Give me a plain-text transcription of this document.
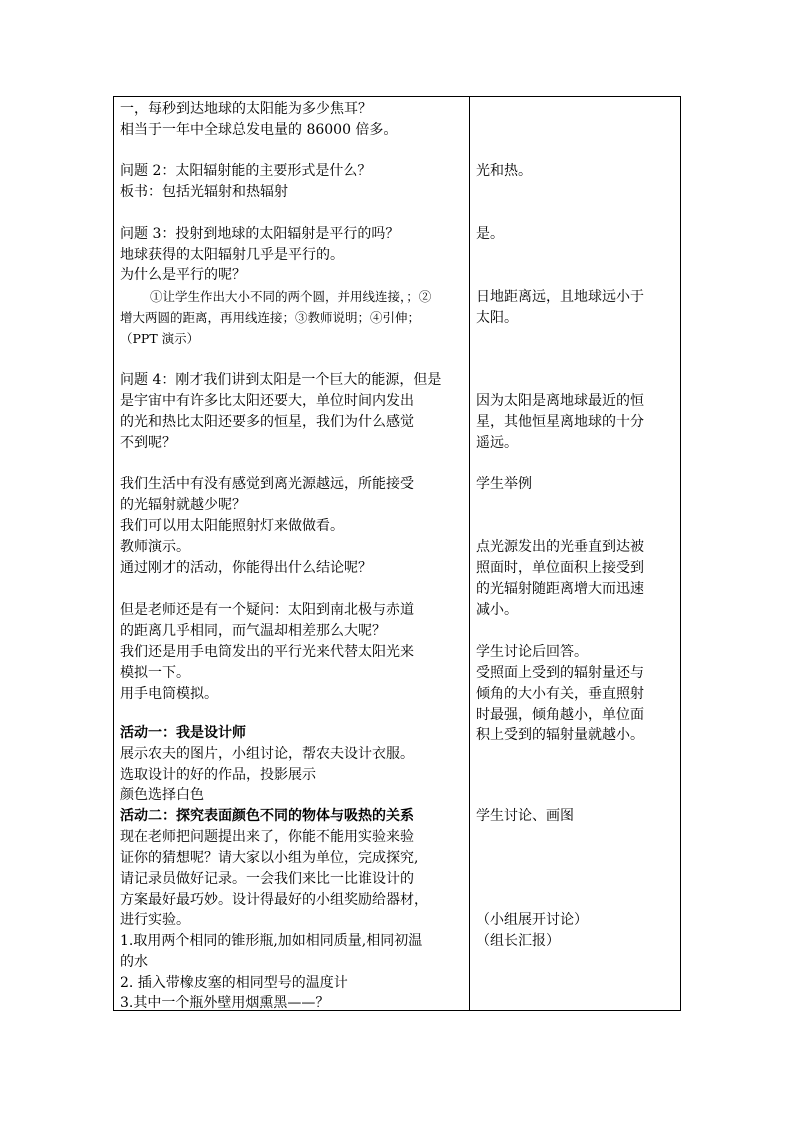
一，每秒到达地球的太阳能为多少焦耳？
相当于一年中全球总发电量的 86000 倍多。
问题 2：太阳辐射能的主要形式是什么？
板书：包括光辐射和热辐射
问题 3：投射到地球的太阳辐射是平行的吗？
地球获得的太阳辐射几乎是平行的。
为什么是平行的呢？
①让学生作出大小不同的两个圆，并用线连接，；②
增大两圆的距离，再用线连接；③教师说明；④引伸；
（PPT 演示）
问题 4：刚才我们讲到太阳是一个巨大的能源，但是
是宇宙中有许多比太阳还要大，单位时间内发出
的光和热比太阳还要多的恒星，我们为什么感觉
不到呢？
我们生活中有没有感觉到离光源越远，所能接受
的光辐射就越少呢？
我们可以用太阳能照射灯来做做看。
教师演示。
通过刚才的活动，你能得出什么结论呢？
但是老师还是有一个疑问：太阳到南北极与赤道
的距离几乎相同，而气温却相差那么大呢？
我们还是用手电筒发出的平行光来代替太阳光来
模拟一下。
用手电筒模拟。
活动一：我是设计师
展示农夫的图片，小组讨论，帮农夫设计衣服。
选取设计的好的作品，投影展示
颜色选择白色
活动二：探究表面颜色不同的物体与吸热的关系
现在老师把问题提出来了，你能不能用实验来验
证你的猜想呢？请大家以小组为单位，完成探究,
请记录员做好记录。一会我们来比一比谁设计的
方案最好最巧妙。设计得最好的小组奖励给器材，
进行实验。
1.取用两个相同的锥形瓶,加如相同质量,相同初温
的水
2. 插入带橡皮塞的相同型号的温度计
3.其中一个瓶外壁用烟熏黑——？
光和热。
是。
日地距离远，且地球远小于
太阳。
因为太阳是离地球最近的恒
星，其他恒星离地球的十分
遥远。
学生举例
点光源发出的光垂直到达被
照面时，单位面积上接受到
的光辐射随距离增大而迅速
减小。
学生讨论后回答。
受照面上受到的辐射量还与
倾角的大小有关，垂直照射
时最强，倾角越小，单位面
积上受到的辐射量就越小。
学生讨论、画图
（小组展开讨论）
（组长汇报）
